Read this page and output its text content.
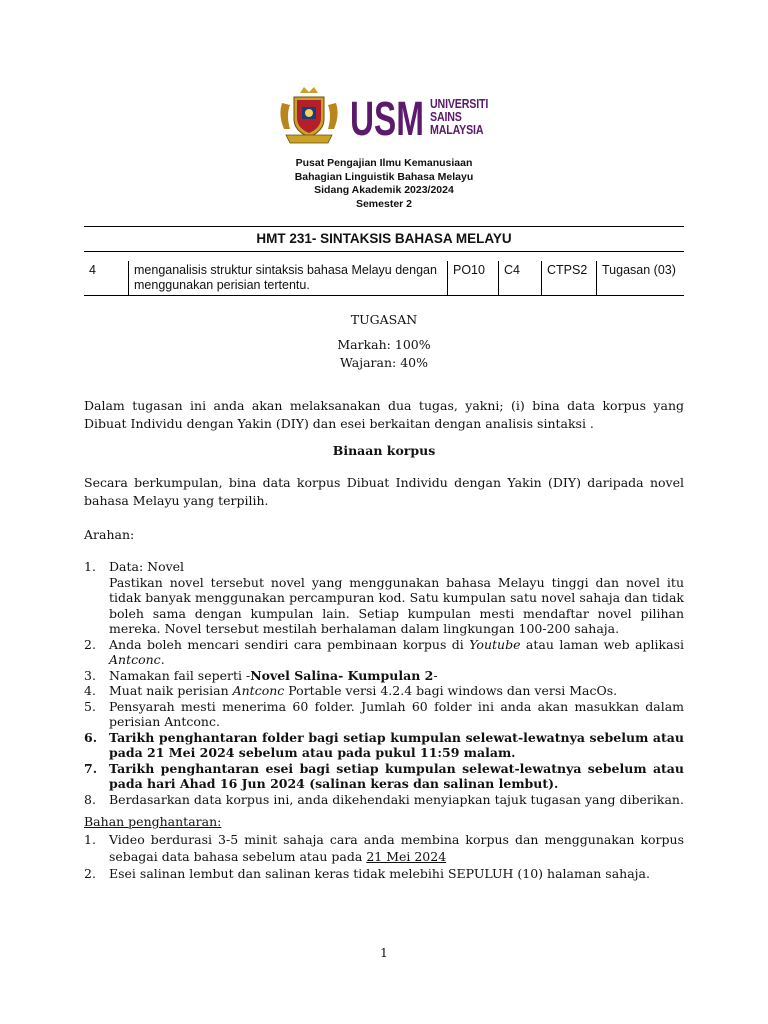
USM UNIVERSITI
SAINS
MALAYSIA
Pusat Pengajian Ilmu Kemanusiaan
Bahagian Linguistik Bahasa Melayu
Sidang Akademik 2023/2024
Semester 2
HMT 231- SINTAKSIS BAHASA MELAYU
4	menganalisis struktur sintaksis bahasa Melayu dengan menggunakan perisian tertentu.	PO10	C4	CTPS2	Tugasan (03)
TUGASAN
Markah: 100%
Wajaran: 40%
Dalam tugasan ini anda akan melaksanakan dua tugas, yakni; (i) bina data korpus yang Dibuat Individu dengan Yakin (DIY) dan esei berkaitan dengan analisis sintaksi .
Binaan korpus
Secara berkumpulan, bina data korpus Dibuat Individu dengan Yakin (DIY) daripada novel bahasa Melayu yang terpilih.
Arahan:
1. Data: Novel
Pastikan novel tersebut novel yang menggunakan bahasa Melayu tinggi dan novel itu tidak banyak menggunakan percampuran kod. Satu kumpulan satu novel sahaja dan tidak boleh sama dengan kumpulan lain. Setiap kumpulan mesti mendaftar novel pilihan mereka. Novel tersebut mestilah berhalaman dalam lingkungan 100-200 sahaja.
2. Anda boleh mencari sendiri cara pembinaan korpus di Youtube atau laman web aplikasi Antconc.
3. Namakan fail seperti -Novel Salina- Kumpulan 2-
4. Muat naik perisian Antconc Portable versi 4.2.4 bagi windows dan versi MacOs.
5. Pensyarah mesti menerima 60 folder. Jumlah 60 folder ini anda akan masukkan dalam perisian Antconc.
6. Tarikh penghantaran folder bagi setiap kumpulan selewat-lewatnya sebelum atau pada 21 Mei 2024 sebelum atau pada pukul 11:59 malam.
7. Tarikh penghantaran esei bagi setiap kumpulan selewat-lewatnya sebelum atau pada hari Ahad 16 Jun 2024 (salinan keras dan salinan lembut).
8. Berdasarkan data korpus ini, anda dikehendaki menyiapkan tajuk tugasan yang diberikan.
Bahan penghantaran:
1. Video berdurasi 3-5 minit sahaja cara anda membina korpus dan menggunakan korpus sebagai data bahasa sebelum atau pada 21 Mei 2024
2. Esei salinan lembut dan salinan keras tidak melebihi SEPULUH (10) halaman sahaja.
1
